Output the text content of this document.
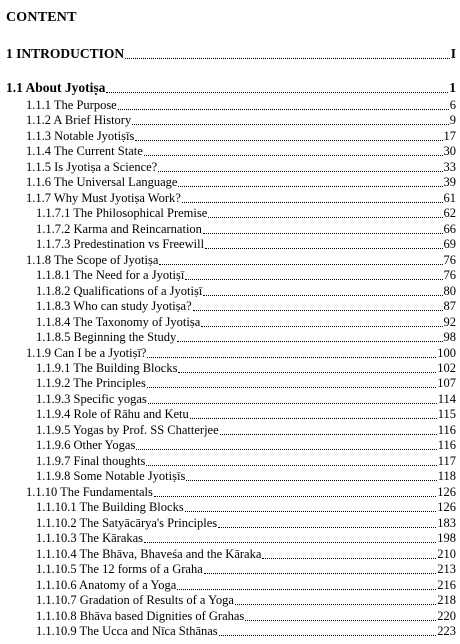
CONTENT
1 INTRODUCTION	I
1.1 About Jyotiṣa	1
1.1.1 The Purpose	6
1.1.2 A Brief History	9
1.1.3 Notable Jyotiṣīs	17
1.1.4 The Current State	30
1.1.5 Is Jyotiṣa a Science?	33
1.1.6 The Universal Language	39
1.1.7 Why Must Jyotiṣa Work?	61
1.1.7.1 The Philosophical Premise	62
1.1.7.2 Karma and Reincarnation	66
1.1.7.3 Predestination vs Freewill	69
1.1.8 The Scope of Jyotiṣa	76
1.1.8.1 The Need for a Jyotiṣī	76
1.1.8.2 Qualifications of a Jyotiṣī	80
1.1.8.3 Who can study Jyotiṣa?	87
1.1.8.4 The Taxonomy of Jyotiṣa	92
1.1.8.5 Beginning the Study	98
1.1.9 Can I be a Jyotiṣī?	100
1.1.9.1 The Building Blocks	102
1.1.9.2 The Principles	107
1.1.9.3 Specific yogas	114
1.1.9.4 Role of Rāhu and Ketu	115
1.1.9.5 Yogas by Prof. SS Chatterjee	116
1.1.9.6 Other Yogas	116
1.1.9.7 Final thoughts	117
1.1.9.8 Some Notable Jyotiṣīs	118
1.1.10 The Fundamentals	126
1.1.10.1 The Building Blocks	126
1.1.10.2 The Satyācārya's Principles	183
1.1.10.3 The Kārakas	198
1.1.10.4 The Bhāva, Bhaveśa and the Kāraka	210
1.1.10.5 The 12 forms of a Graha	213
1.1.10.6 Anatomy of a Yoga	216
1.1.10.7 Gradation of Results of a Yoga	218
1.1.10.8 Bhāva based Dignities of Grahas	220
1.1.10.9 The Ucca and Nīca Sthānas	223
